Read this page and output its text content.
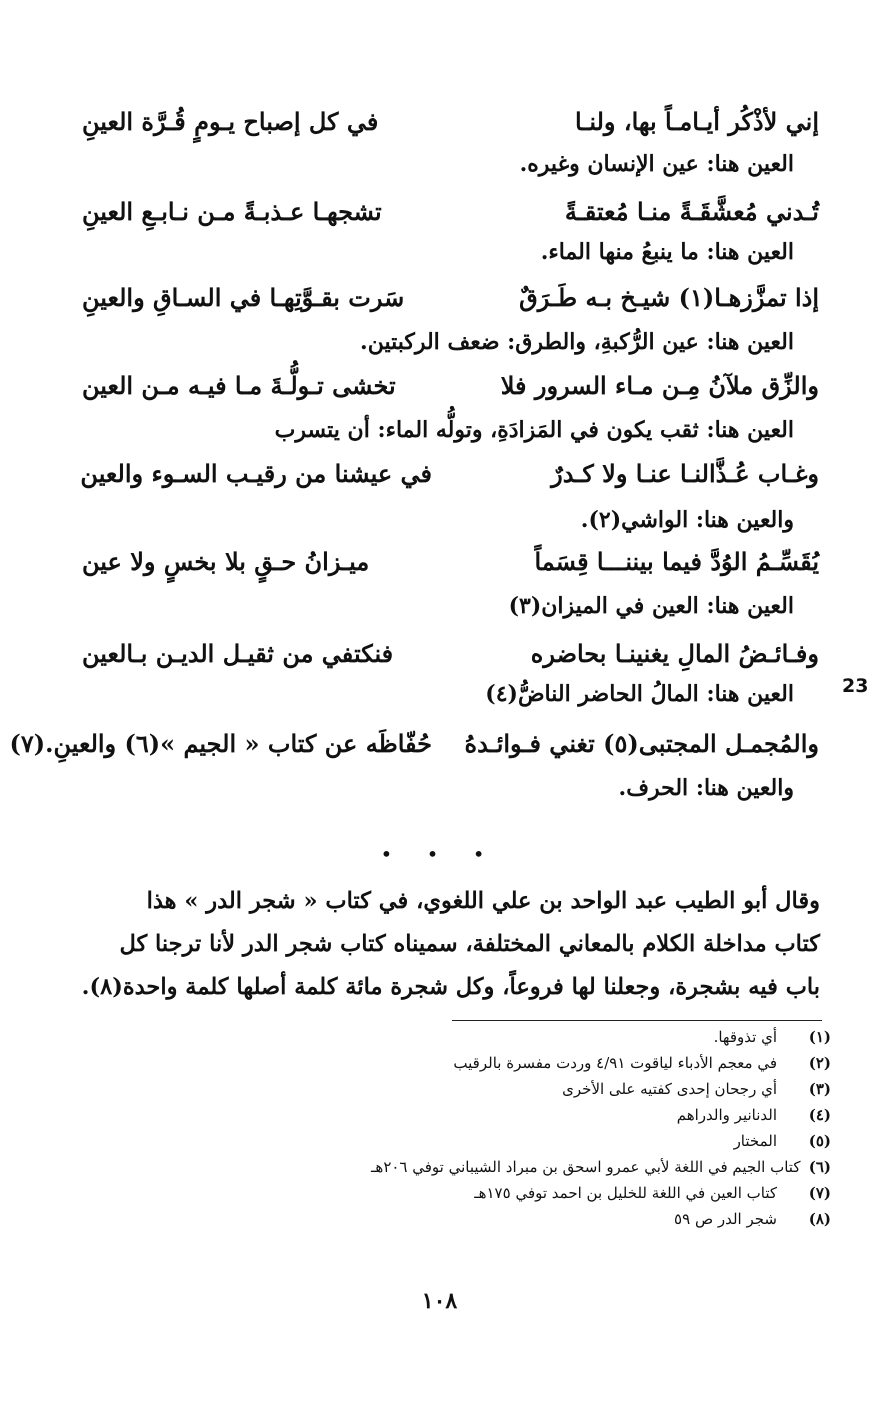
إني لأذْكُر أيـامـاً بها، ولنـا
في كل إصباح يـومٍ قُـرَّة العينِ
العين هنا: عين الإنسان وغيره.
تُـدني مُعشَّقَـةً منـا مُعتقـةً
تشجهـا عـذبـةً مـن نـابـعِ العينِ
العين هنا: ما ينبعُ منها الماء.
إذا تمزَّزهـا(١) شيـخ بـه طَـرَقٌ
سَرت بقـوَّتِهـا في السـاقِ والعينِ
العين هنا: عين الرُّكبةِ، والطرق: ضعف الركبتين.
والزِّق ملآنُ مِـن مـاء السرور فلا
تخشى تـولُّـةَ مـا فيـه مـن العين
العين هنا: ثقب يكون في المَزادَةِ، وتولُّه الماء: أن يتسرب
وغـاب عُـذَّالنـا عنـا ولا كـدرٌ
في عيشنا من رقيـب السـوء والعين
والعين هنا: الواشي(٢).
يُقَسِّـمُ الوُدَّ فيما بيننـــا قِسَماً
ميـزانُ حـقٍ بلا بخسٍ ولا عين
العين هنا: العين في الميزان(٣)
وفـائـضُ المالِ يغنينـا بحاضره
فنكتفي من ثقيـل الديـن بـالعين
العين هنا: المالُ الحاضر الناضُّ(٤)
والمُجمـل المجتبى(٥) تغني فـوائـدهُ
حُفّاظَه عن كتاب « الجيم »(٦) والعينِ.(٧)
والعين هنا: الحرف.
23
• • •
وقال أبو الطيب عبد الواحد بن علي اللغوي، في كتاب « شجر الدر » هذا
كتاب مداخلة الكلام بالمعاني المختلفة، سميناه كتاب شجر الدر لأنا ترجنا كل
باب فيه بشجرة، وجعلنا لها فروعاً، وكل شجرة مائة كلمة أصلها كلمة واحدة(٨).
(١)
أي تذوقها.
(٢)
في معجم الأدباء لياقوت ٤/٩١ وردت مفسرة بالرقيب
(٣)
أي رجحان إحدى كفتيه على الأخرى
(٤)
الدنانير والدراهم
(٥)
المختار
(٦)
كتاب الجيم في اللغة لأبي عمرو اسحق بن مبراد الشيباني توفي ٢٠٦هـ
(٧)
كتاب العين في اللغة للخليل بن احمد توفي ١٧٥هـ
(٨)
شجر الدر ص ٥٩
١٠٨
